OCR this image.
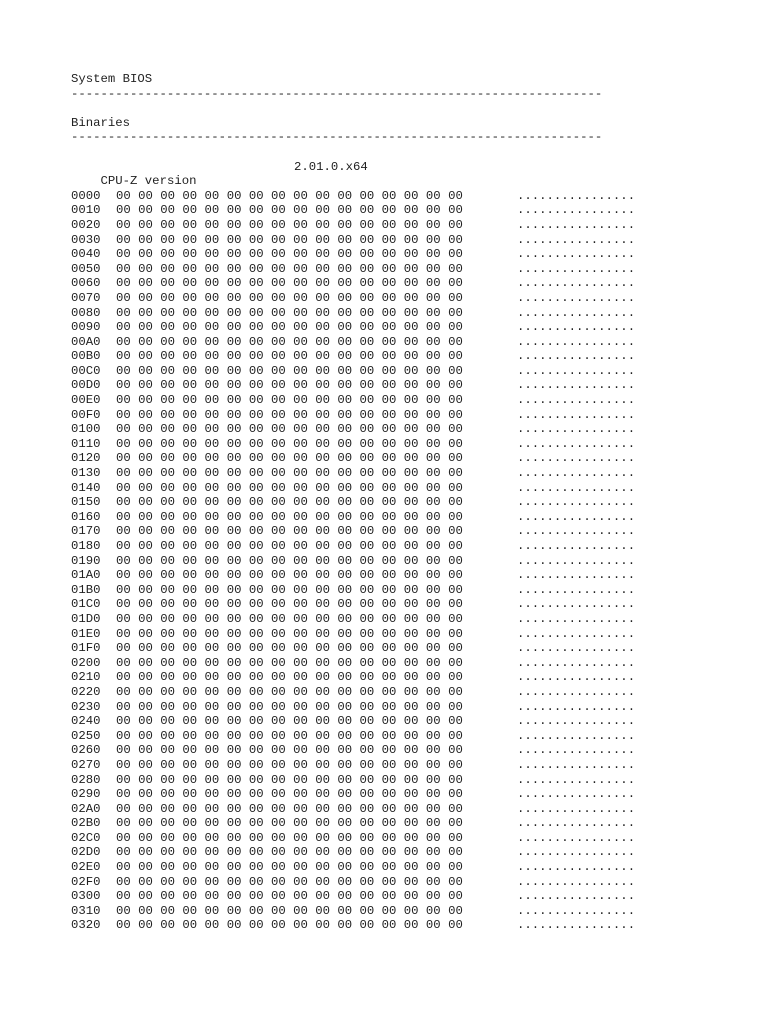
System BIOS
------------------------------------------------------------------------
Binaries
------------------------------------------------------------------------

CPU-Z version

2.01.0.x64

0000 00 00 00 00 00 00 00 00 00 00 00 00 00 00 00 00	................
0010 00 00 00 00 00 00 00 00 00 00 00 00 00 00 00 00	................
0020 00 00 00 00 00 00 00 00 00 00 00 00 00 00 00 00	................
0030 00 00 00 00 00 00 00 00 00 00 00 00 00 00 00 00	................
0040 00 00 00 00 00 00 00 00 00 00 00 00 00 00 00 00	................
0050 00 00 00 00 00 00 00 00 00 00 00 00 00 00 00 00	................
0060 00 00 00 00 00 00 00 00 00 00 00 00 00 00 00 00	................
0070 00 00 00 00 00 00 00 00 00 00 00 00 00 00 00 00	................
0080 00 00 00 00 00 00 00 00 00 00 00 00 00 00 00 00	................
0090 00 00 00 00 00 00 00 00 00 00 00 00 00 00 00 00	................
00A0 00 00 00 00 00 00 00 00 00 00 00 00 00 00 00 00	................
00B0 00 00 00 00 00 00 00 00 00 00 00 00 00 00 00 00	................
00C0 00 00 00 00 00 00 00 00 00 00 00 00 00 00 00 00	................
00D0 00 00 00 00 00 00 00 00 00 00 00 00 00 00 00 00	................
00E0 00 00 00 00 00 00 00 00 00 00 00 00 00 00 00 00	................
00F0 00 00 00 00 00 00 00 00 00 00 00 00 00 00 00 00	................
0100 00 00 00 00 00 00 00 00 00 00 00 00 00 00 00 00	................
0110 00 00 00 00 00 00 00 00 00 00 00 00 00 00 00 00	................
0120 00 00 00 00 00 00 00 00 00 00 00 00 00 00 00 00	................
0130 00 00 00 00 00 00 00 00 00 00 00 00 00 00 00 00	................
0140 00 00 00 00 00 00 00 00 00 00 00 00 00 00 00 00	................
0150 00 00 00 00 00 00 00 00 00 00 00 00 00 00 00 00	................
0160 00 00 00 00 00 00 00 00 00 00 00 00 00 00 00 00	................
0170 00 00 00 00 00 00 00 00 00 00 00 00 00 00 00 00	................
0180 00 00 00 00 00 00 00 00 00 00 00 00 00 00 00 00	................
0190 00 00 00 00 00 00 00 00 00 00 00 00 00 00 00 00	................
01A0 00 00 00 00 00 00 00 00 00 00 00 00 00 00 00 00	................
01B0 00 00 00 00 00 00 00 00 00 00 00 00 00 00 00 00	................
01C0 00 00 00 00 00 00 00 00 00 00 00 00 00 00 00 00	................
01D0 00 00 00 00 00 00 00 00 00 00 00 00 00 00 00 00	................
01E0 00 00 00 00 00 00 00 00 00 00 00 00 00 00 00 00	................
01F0 00 00 00 00 00 00 00 00 00 00 00 00 00 00 00 00	................
0200 00 00 00 00 00 00 00 00 00 00 00 00 00 00 00 00	................
0210 00 00 00 00 00 00 00 00 00 00 00 00 00 00 00 00	................
0220 00 00 00 00 00 00 00 00 00 00 00 00 00 00 00 00	................
0230 00 00 00 00 00 00 00 00 00 00 00 00 00 00 00 00	................
0240 00 00 00 00 00 00 00 00 00 00 00 00 00 00 00 00	................
0250 00 00 00 00 00 00 00 00 00 00 00 00 00 00 00 00	................
0260 00 00 00 00 00 00 00 00 00 00 00 00 00 00 00 00	................
0270 00 00 00 00 00 00 00 00 00 00 00 00 00 00 00 00	................
0280 00 00 00 00 00 00 00 00 00 00 00 00 00 00 00 00	................
0290 00 00 00 00 00 00 00 00 00 00 00 00 00 00 00 00	................
02A0 00 00 00 00 00 00 00 00 00 00 00 00 00 00 00 00	................
02B0 00 00 00 00 00 00 00 00 00 00 00 00 00 00 00 00	................
02C0 00 00 00 00 00 00 00 00 00 00 00 00 00 00 00 00	................
02D0 00 00 00 00 00 00 00 00 00 00 00 00 00 00 00 00	................
02E0 00 00 00 00 00 00 00 00 00 00 00 00 00 00 00 00	................
02F0 00 00 00 00 00 00 00 00 00 00 00 00 00 00 00 00	................
0300 00 00 00 00 00 00 00 00 00 00 00 00 00 00 00 00	................
0310 00 00 00 00 00 00 00 00 00 00 00 00 00 00 00 00	................
0320 00 00 00 00 00 00 00 00 00 00 00 00 00 00 00 00	................
